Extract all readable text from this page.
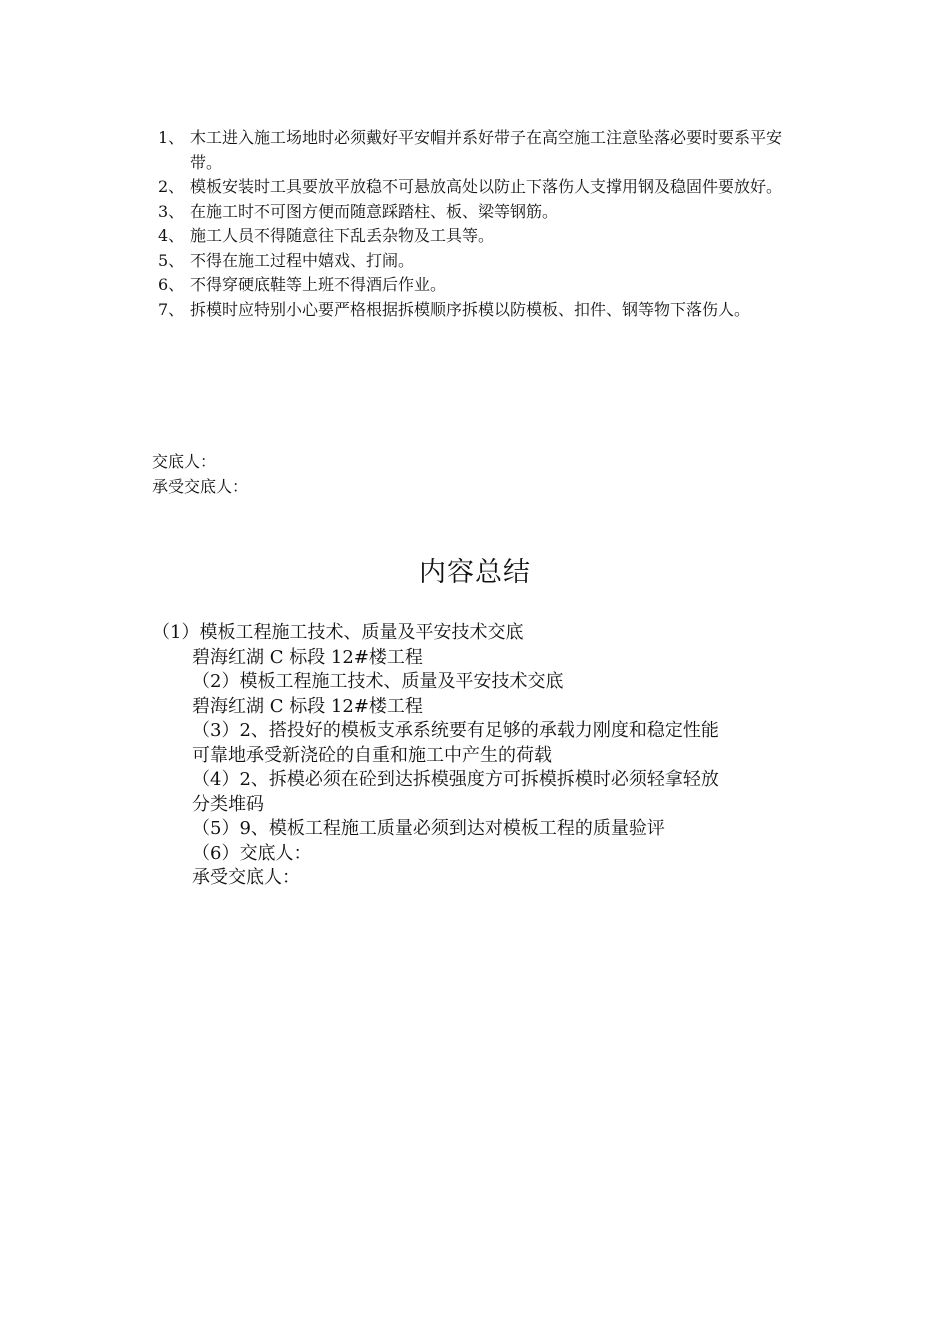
1、 木工进入施工场地时必须戴好平安帽并系好带子在高空施工注意坠落必要时要系平安带。
2、 模板安装时工具要放平放稳不可悬放高处以防止下落伤人支撑用钢及稳固件要放好。
3、 在施工时不可图方便而随意踩踏柱、板、梁等钢筋。
4、 施工人员不得随意往下乱丢杂物及工具等。
5、 不得在施工过程中嬉戏、打闹。
6、 不得穿硬底鞋等上班不得酒后作业。
7、 拆模时应特别小心要严格根据拆模顺序拆模以防模板、扣件、钢等物下落伤人。
交底人：
承受交底人：
内容总结
（1）模板工程施工技术、质量及平安技术交底
碧海红湖 C 标段 12#楼工程
（2）模板工程施工技术、质量及平安技术交底
碧海红湖 C 标段 12#楼工程
（3）2、搭投好的模板支承系统要有足够的承载力刚度和稳定性能
可靠地承受新浇砼的自重和施工中产生的荷载
（4）2、拆模必须在砼到达拆模强度方可拆模拆模时必须轻拿轻放
分类堆码
（5）9、模板工程施工质量必须到达对模板工程的质量验评
（6）交底人：
承受交底人：
